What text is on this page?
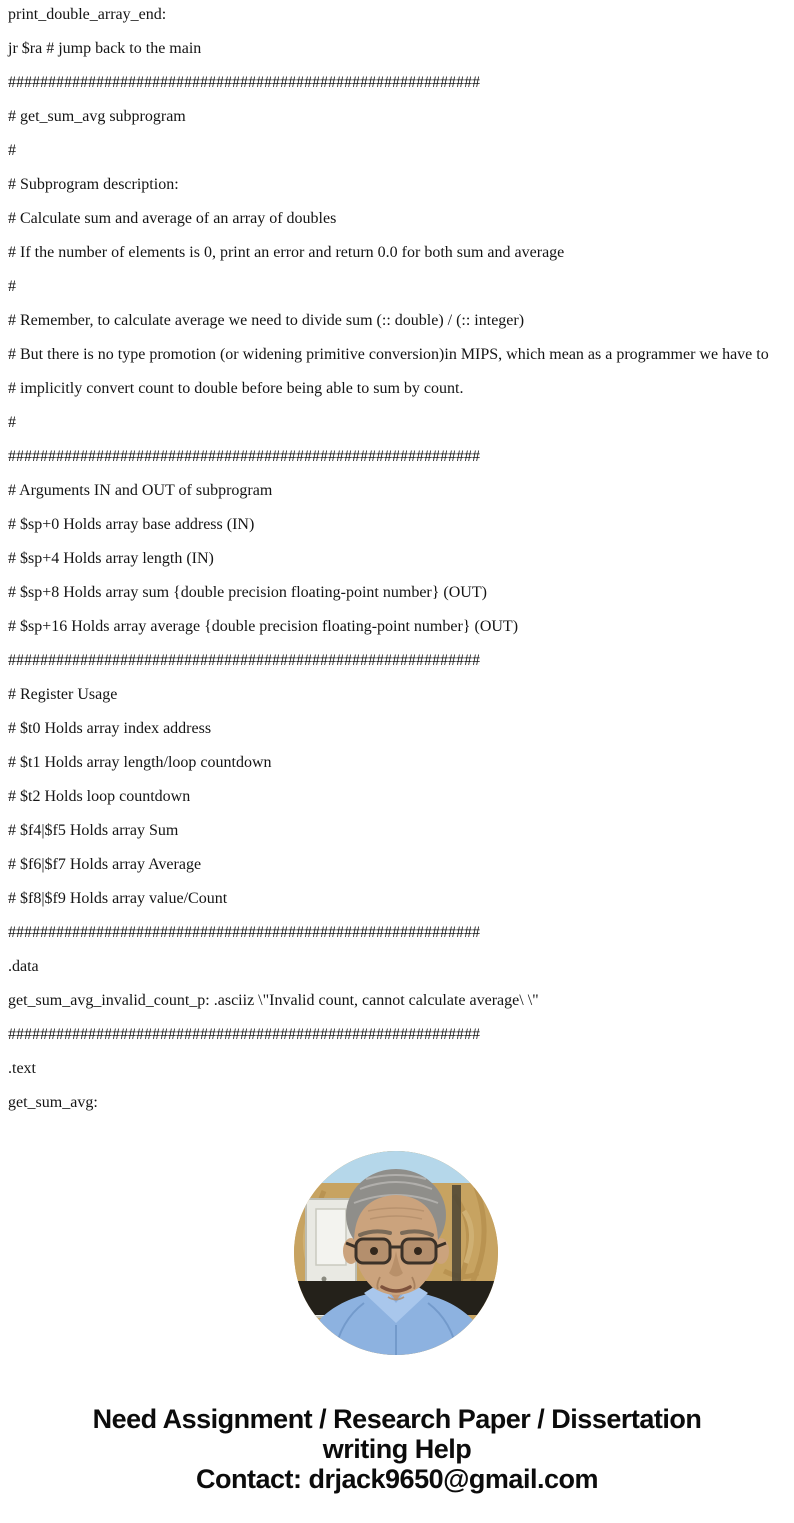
print_double_array_end:
jr $ra # jump back to the main
###########################################################
# get_sum_avg subprogram
#
# Subprogram description:
# Calculate sum and average of an array of doubles
# If the number of elements is 0, print an error and return 0.0 for both sum and average
#
# Remember, to calculate average we need to divide sum (:: double) / (:: integer)
# But there is no type promotion (or widening primitive conversion)in MIPS, which mean as a programmer we have to
# implicitly convert count to double before being able to sum by count.
#
###########################################################
# Arguments IN and OUT of subprogram
# $sp+0 Holds array base address (IN)
# $sp+4 Holds array length (IN)
# $sp+8 Holds array sum {double precision floating-point number} (OUT)
# $sp+16 Holds array average {double precision floating-point number} (OUT)
###########################################################
# Register Usage
# $t0 Holds array index address
# $t1 Holds array length/loop countdown
# $t2 Holds loop countdown
# $f4|$f5 Holds array Sum
# $f6|$f7 Holds array Average
# $f8|$f9 Holds array value/Count
###########################################################
.data
get_sum_avg_invalid_count_p: .asciiz \"Invalid count, cannot calculate average\ \"
###########################################################
.text
get_sum_avg:
Need Assignment / Research Paper / Dissertation
writing Help
Contact: drjack9650@gmail.com
